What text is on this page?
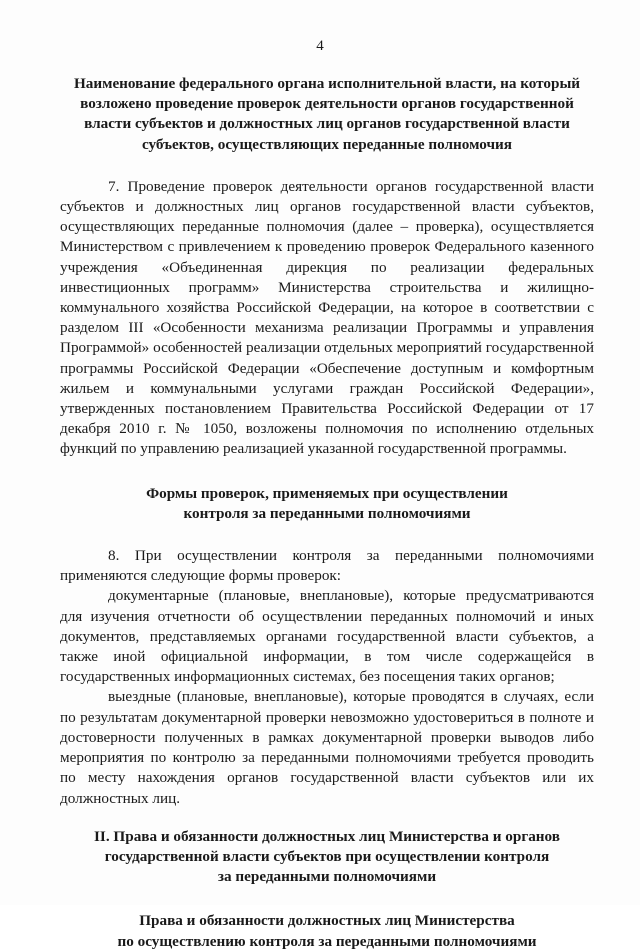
4
Наименование федерального органа исполнительной власти, на который
возложено проведение проверок деятельности органов государственной
власти субъектов и должностных лиц органов государственной власти
субъектов, осуществляющих переданные полномочия

7. Проведение проверок деятельности органов государственной власти субъектов и должностных лиц органов государственной власти субъектов, осуществляющих переданные полномочия (далее – проверка), осуществляется Министерством с привлечением к проведению проверок Федерального казенного учреждения «Объединенная дирекция по реализации федеральных инвестиционных программ» Министерства строительства и жилищно-коммунального хозяйства Российской Федерации, на которое в соответствии с разделом III «Особенности механизма реализации Программы и управления Программой» особенностей реализации отдельных мероприятий государственной программы Российской Федерации «Обеспечение доступным и комфортным жильем и коммунальными услугами граждан Российской Федерации», утвержденных постановлением Правительства Российской Федерации от 17 декабря 2010 г. № 1050, возложены полномочия по исполнению отдельных функций по управлению реализацией указанной государственной программы.

Формы проверок, применяемых при осуществлении
контроля за переданными полномочиями

8. При осуществлении контроля за переданными полномочиями применяются следующие формы проверок:

документарные (плановые, внеплановые), которые предусматриваются для изучения отчетности об осуществлении переданных полномочий и иных документов, представляемых органами государственной власти субъектов, а также иной официальной информации, в том числе содержащейся в государственных информационных системах, без посещения таких органов;

выездные (плановые, внеплановые), которые проводятся в случаях, если по результатам документарной проверки невозможно удостовериться в полноте и достоверности полученных в рамках документарной проверки выводов либо мероприятия по контролю за переданными полномочиями требуется проводить по месту нахождения органов государственной власти субъектов или их должностных лиц.

II. Права и обязанности должностных лиц Министерства и органов
государственной власти субъектов при осуществлении контроля
за переданными полномочиями
Права и обязанности должностных лиц Министерства
по осуществлению контроля за переданными полномочиями
